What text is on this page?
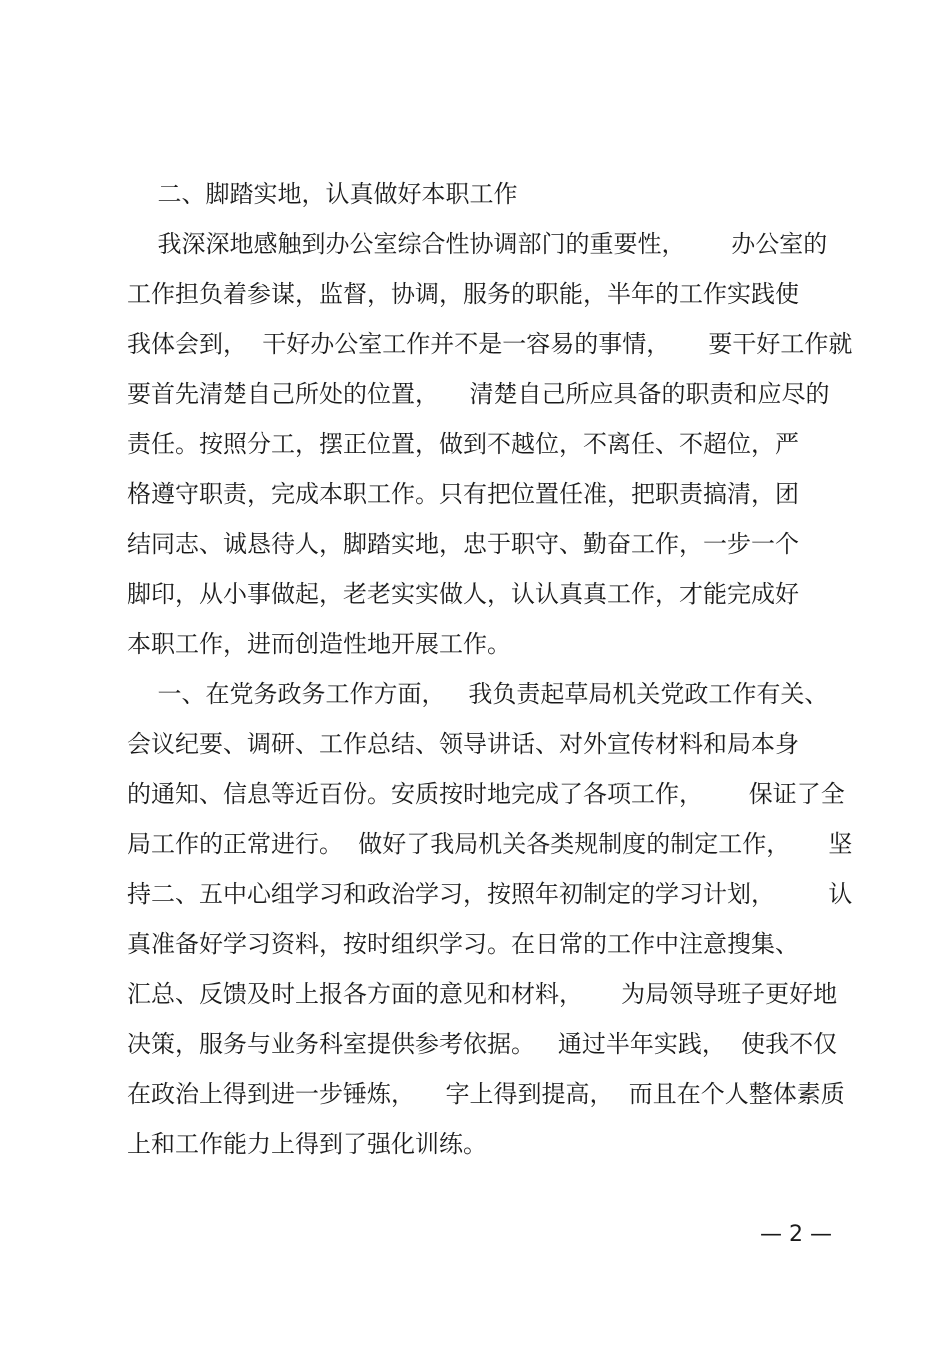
二、脚踏实地，认真做好本职工作
我深深地感触到办公室综合性协调部门的重要性，      办公室的
工作担负着参谋，监督，协调，服务的职能，半年的工作实践使
我体会到，  干好办公室工作并不是一容易的事情，     要干好工作就
要首先清楚自己所处的位置，    清楚自己所应具备的职责和应尽的
责任。按照分工，摆正位置，做到不越位，不离任、不超位，严
格遵守职责，完成本职工作。只有把位置任准，把职责搞清，团
结同志、诚恳待人，脚踏实地，忠于职守、勤奋工作，一步一个
脚印，从小事做起，老老实实做人，认认真真工作，才能完成好
本职工作，进而创造性地开展工作。
一、在党务政务工作方面，   我负责起草局机关党政工作有关、
会议纪要、调研、工作总结、领导讲话、对外宣传材料和局本身
的通知、信息等近百份。安质按时地完成了各项工作，      保证了全
局工作的正常进行。  做好了我局机关各类规制度的制定工作，     坚
持二、五中心组学习和政治学习，按照年初制定的学习计划，       认
真准备好学习资料，按时组织学习。在日常的工作中注意搜集、
汇总、反馈及时上报各方面的意见和材料，     为局领导班子更好地
决策，服务与业务科室提供参考依据。   通过半年实践，  使我不仅
在政治上得到进一步锤炼，    字上得到提高，  而且在个人整体素质
上和工作能力上得到了强化训练。
— 2 —
